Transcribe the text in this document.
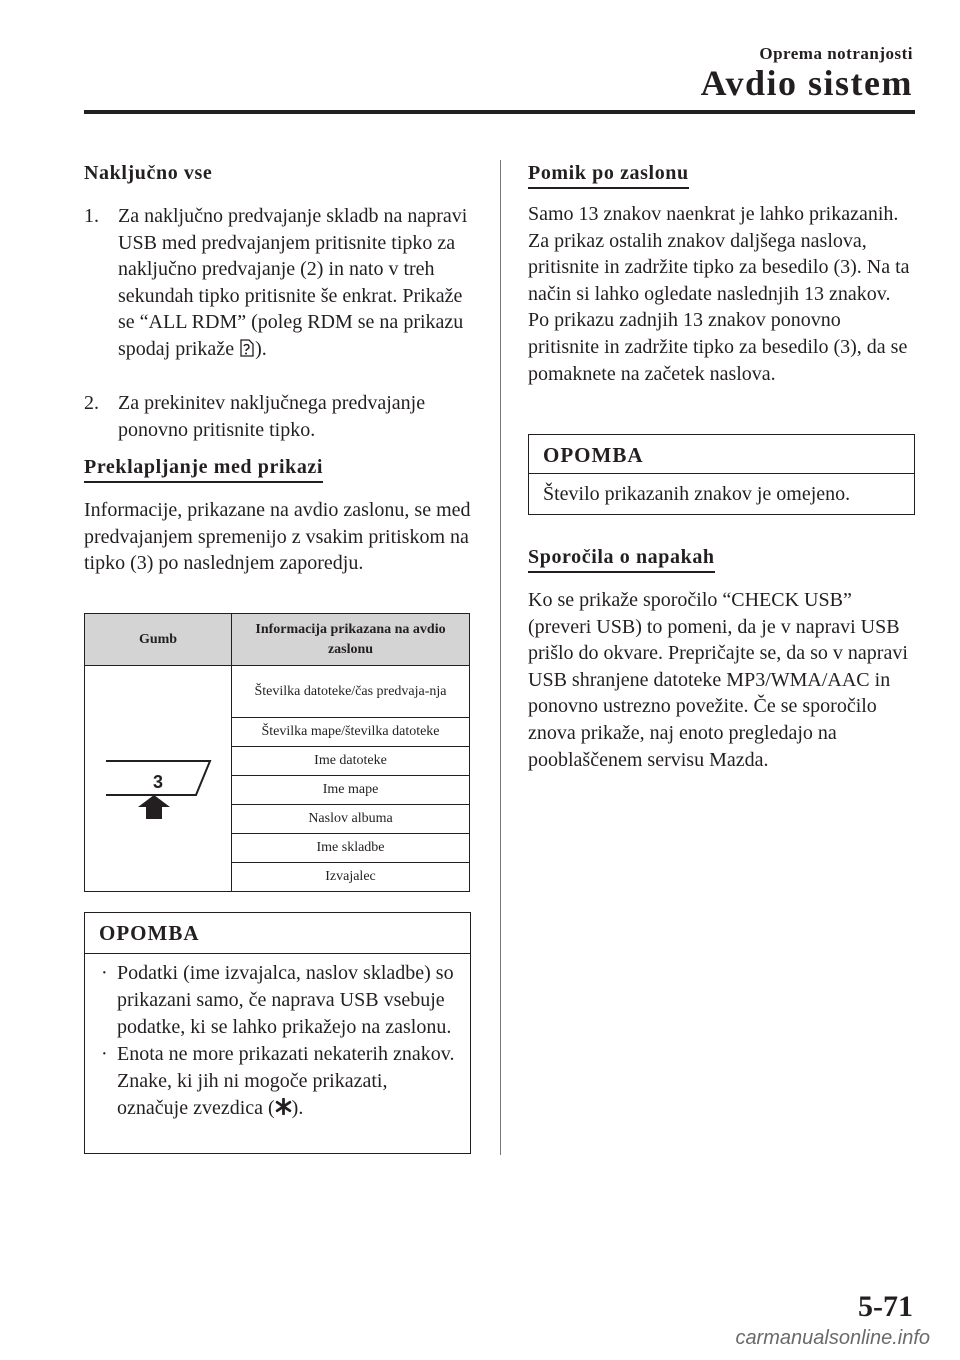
Oprema notranjosti
Avdio sistem
Naključno vse
1. Za naključno predvajanje skladb na napravi USB med predvajanjem pritisnite tipko za naključno predvajanje (2) in nato v treh sekundah tipko pritisnite še enkrat. Prikaže se “ALL RDM” (poleg RDM se na prikazu spodaj prikaže ).
2. Za prekinitev naključnega predvajanje ponovno pritisnite tipko.
Preklapljanje med prikazi
Informacije, prikazane na avdio zaslonu, se med predvajanjem spremenijo z vsakim pritiskom na tipko (3) po naslednjem zaporedju.
Gumb	Informacija prikazana na avdio zaslonu

3	Številka datoteke/čas predvaja-nja
	Številka mape/številka datoteke
	Ime datoteke
	Ime mape
	Naslov albuma
	Ime skladbe
	Izvajalec
OPOMBA
· Podatki (ime izvajalca, naslov skladbe) so prikazani samo, če naprava USB vsebuje podatke, ki se lahko prikažejo na zaslonu.
· Enota ne more prikazati nekaterih znakov. Znake, ki jih ni mogoče prikazati, označuje zvezdica ( ).
Pomik po zaslonu
Samo 13 znakov naenkrat je lahko prikazanih. Za prikaz ostalih znakov daljšega naslova, pritisnite in zadržite tipko za besedilo (3). Na ta način si lahko ogledate naslednjih 13 znakov. Po prikazu zadnjih 13 znakov ponovno pritisnite in zadržite tipko za besedilo (3), da se pomaknete na začetek naslova.
OPOMBA
Število prikazanih znakov je omejeno.
Sporočila o napakah
Ko se prikaže sporočilo “CHECK USB” (preveri USB) to pomeni, da je v napravi USB prišlo do okvare. Prepričajte se, da so v napravi USB shranjene datoteke MP3/WMA/AAC in ponovno ustrezno povežite. Če se sporočilo znova prikaže, naj enoto pregledajo na pooblaščenem servisu Mazda.
5-71
carmanualsonline.info
